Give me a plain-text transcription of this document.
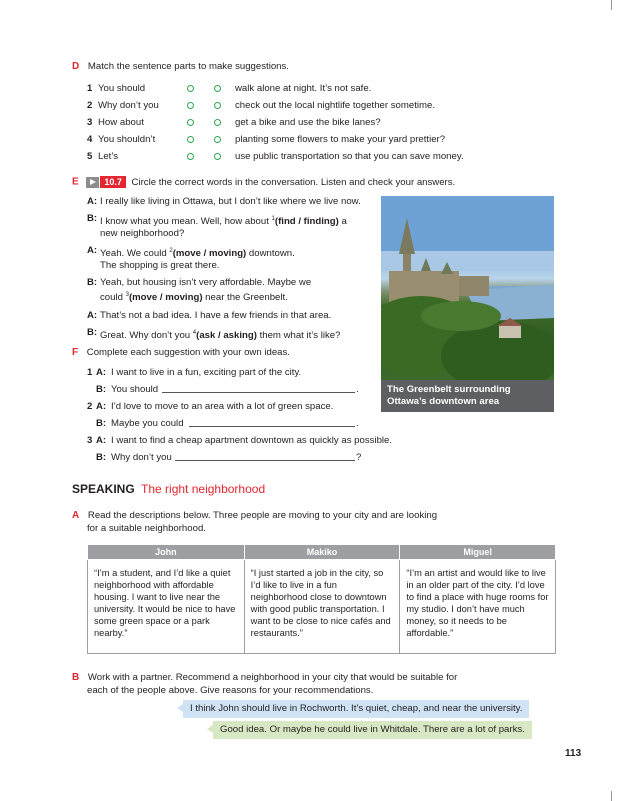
D Match the sentence parts to make suggestions.
1 You should	walk alone at night. It’s not safe.
2 Why don’t you	check out the local nightlife together sometime.
3 How about	get a bike and use the bike lanes?
4 You shouldn’t	planting some flowers to make your yard prettier?
5 Let’s	use public transportation so that you can save money.
E	10.7 Circle the correct words in the conversation. Listen and check your answers.
A: I really like living in Ottawa, but I don’t like where we live now.
B: I know what you mean. Well, how about $^1$(find / finding) a
new neighborhood?
A: Yeah. We could $^2$(move / moving) downtown.
The shopping is great there.
B: Yeah, but housing isn’t very affordable. Maybe we
could $^3$(move / moving) near the Greenbelt.
A: That’s not a bad idea. I have a few friends in that area.
B: Great. Why don’t you $^4$(ask / asking) them what it’s like?
The Greenbelt surrounding Ottawa’s downtown area
F Complete each suggestion with your own ideas.
1 A: I want to live in a fun, exciting part of the city.
B: You should	.
2 A: I’d love to move to an area with a lot of green space.
B: Maybe you could	.
3 A: I want to find a cheap apartment downtown as quickly as possible.
B: Why don’t you	?
SPEAKING The right neighborhood
A Read the descriptions below. Three people are moving to your city and are looking
for a suitable neighborhood.
John	Makiko	Miguel
“I’m a student, and I’d like a quiet neighborhood with affordable housing. I want to live near the university. It would be nice to have some green space or a park nearby.”	“I just started a job in the city, so I’d like to live in a fun neighborhood close to downtown with good public transportation. I want to be close to nice cafés and restaurants.”	“I’m an artist and would like to live in an older part of the city. I’d love to find a place with huge rooms for my studio. I don’t have much money, so it needs to be affordable.”
B Work with a partner. Recommend a neighborhood in your city that would be suitable for
each of the people above. Give reasons for your recommendations.
I think John should live in Rochworth. It’s quiet, cheap, and near the university.
Good idea. Or maybe he could live in Whitdale. There are a lot of parks.
113
